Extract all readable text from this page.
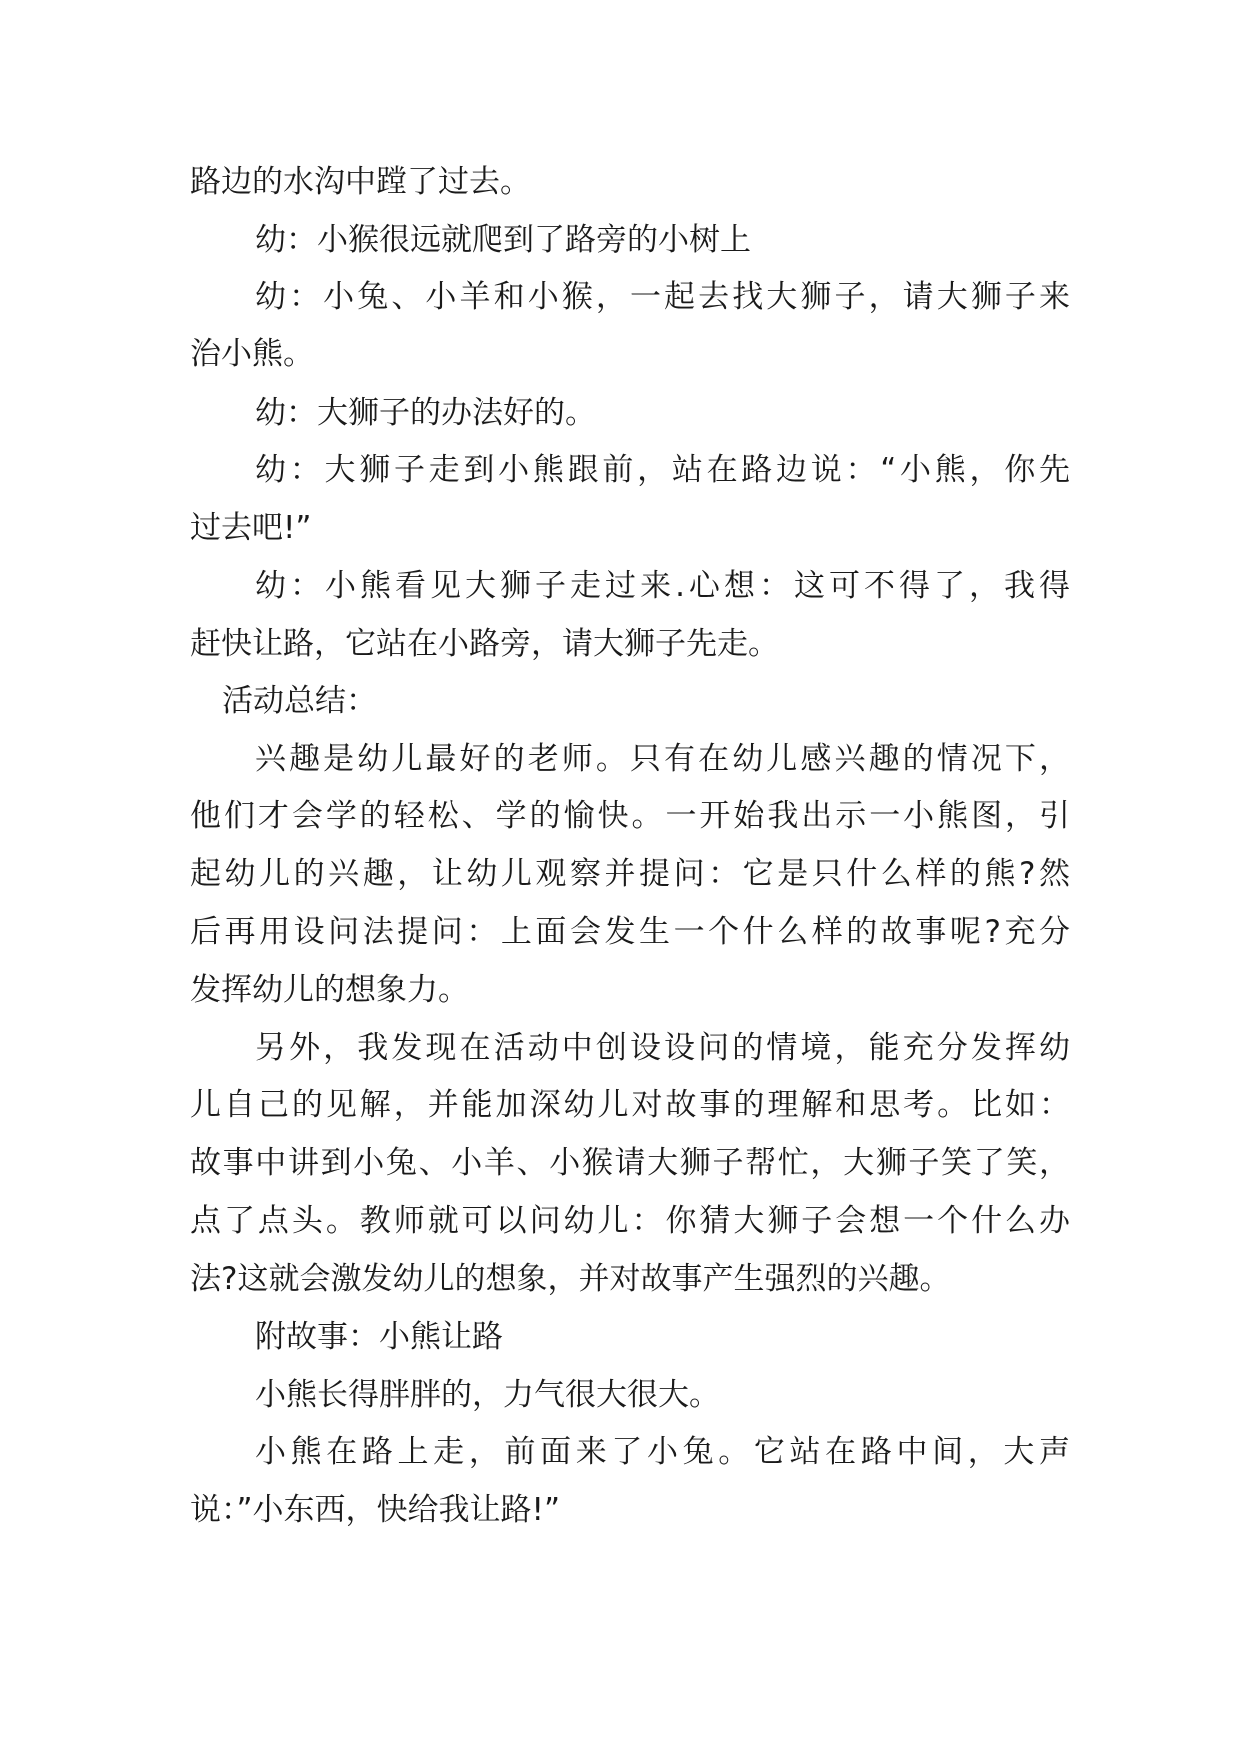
路边的水沟中蹚了过去。

幼：小猴很远就爬到了路旁的小树上

幼：小兔、小羊和小猴，一起去找大狮子，请大狮子来

治小熊。

幼：大狮子的办法好的。

幼：大狮子走到小熊跟前，站在路边说：“小熊，你先

过去吧!”

幼：小熊看见大狮子走过来.心想：这可不得了，我得

赶快让路，它站在小路旁，请大狮子先走。

活动总结：

兴趣是幼儿最好的老师。只有在幼儿感兴趣的情况下，

他们才会学的轻松、学的愉快。一开始我出示一小熊图，引

起幼儿的兴趣，让幼儿观察并提问：它是只什么样的熊?然

后再用设问法提问：上面会发生一个什么样的故事呢?充分

发挥幼儿的想象力。

另外，我发现在活动中创设设问的情境，能充分发挥幼

儿自己的见解，并能加深幼儿对故事的理解和思考。比如：

故事中讲到小兔、小羊、小猴请大狮子帮忙，大狮子笑了笑，

点了点头。教师就可以问幼儿：你猜大狮子会想一个什么办

法?这就会激发幼儿的想象，并对故事产生强烈的兴趣。

附故事：小熊让路

小熊长得胖胖的，力气很大很大。

小熊在路上走，前面来了小兔。它站在路中间，大声

说：”小东西，快给我让路!”
